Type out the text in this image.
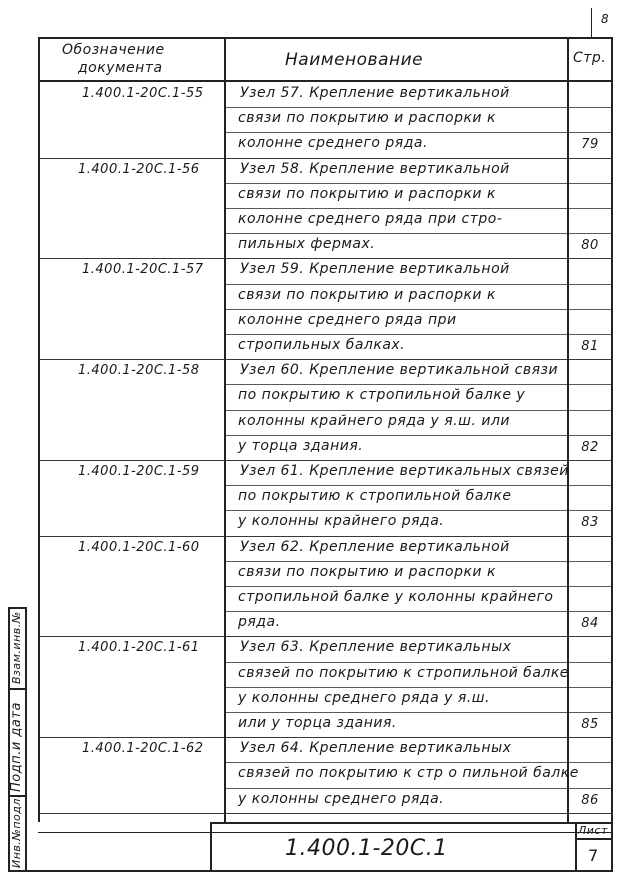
8
Обозначение
документа	Наименование	Стр.
1.400.1-20С.1-55	Узел 57. Крепление вертикальной
связи по покрытию и распорки к
колонне среднего ряда.	79
1.400.1-20С.1-56	Узел 58. Крепление вертикальной
связи по покрытию и распорки к
колонне среднего ряда при стро-
пильных фермах.	80
1.400.1-20С.1-57	Узел 59. Крепление вертикальной
связи по покрытию и распорки к
колонне среднего ряда при
стропильных балках.	81
1.400.1-20С.1-58	Узел 60. Крепление вертикальной связи
по покрытию к стропильной балке у
колонны крайнего ряда у я.ш. или
у торца здания.	82
1.400.1-20С.1-59	Узел 61. Крепление вертикальных связей
по покрытию к стропильной балке
у колонны крайнего ряда.	83
1.400.1-20С.1-60	Узел 62. Крепление вертикальной
связи по покрытию и распорки к
стропильной балке у колонны крайнего
ряда.	84
1.400.1-20С.1-61	Узел 63. Крепление вертикальных
связей по покрытию к стропильной балке
у колонны среднего ряда у я.ш.
или у торца здания.	85
1.400.1-20С.1-62	Узел 64. Крепление вертикальных
связей по покрытию к стр о пильной балке
у колонны среднего ряда.	86
Инв.№подл.
Подп.и дата
Взам.инв.№
1.400.1-20С.1
Лист
7
